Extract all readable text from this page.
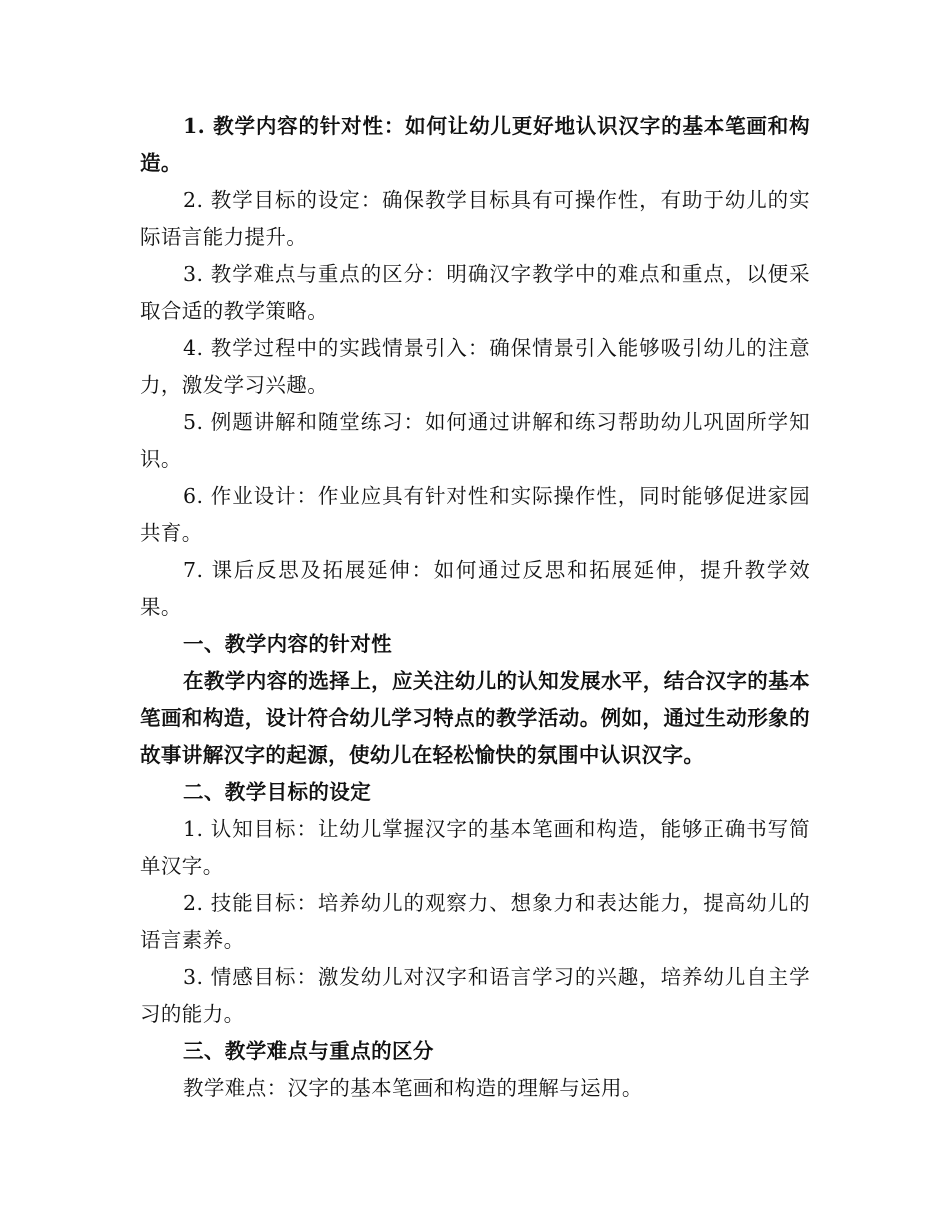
1. 教学内容的针对性：如何让幼儿更好地认识汉字的基本笔画和构造。

2. 教学目标的设定：确保教学目标具有可操作性，有助于幼儿的实际语言能力提升。

3. 教学难点与重点的区分：明确汉字教学中的难点和重点，以便采取合适的教学策略。

4. 教学过程中的实践情景引入：确保情景引入能够吸引幼儿的注意力，激发学习兴趣。

5. 例题讲解和随堂练习：如何通过讲解和练习帮助幼儿巩固所学知识。

6. 作业设计：作业应具有针对性和实际操作性，同时能够促进家园共育。

7. 课后反思及拓展延伸：如何通过反思和拓展延伸，提升教学效果。

一、教学内容的针对性

在教学内容的选择上，应关注幼儿的认知发展水平，结合汉字的基本笔画和构造，设计符合幼儿学习特点的教学活动。例如，通过生动形象的故事讲解汉字的起源，使幼儿在轻松愉快的氛围中认识汉字。

二、教学目标的设定

1. 认知目标：让幼儿掌握汉字的基本笔画和构造，能够正确书写简单汉字。

2. 技能目标：培养幼儿的观察力、想象力和表达能力，提高幼儿的语言素养。

3. 情感目标：激发幼儿对汉字和语言学习的兴趣，培养幼儿自主学习的能力。

三、教学难点与重点的区分

教学难点：汉字的基本笔画和构造的理解与运用。
